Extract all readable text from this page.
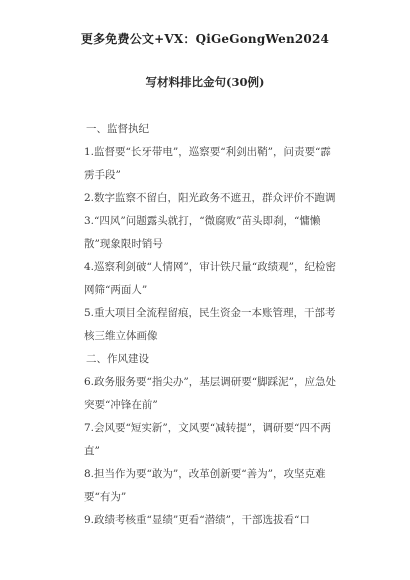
更多免费公文+VX：QiGeGongWen2024
写材料排比金句(30例)

一、监督执纪

1.监督要“长牙带电”，巡察要“利剑出鞘”，问责要“霹雳手段”

2.数字监察不留白，阳光政务不遮丑，群众评价不跑调

3.“四风”问题露头就打，“微腐败”苗头即刹，“慵懒散”现象限时销号

4.巡察利剑破“人情网”，审计铁尺量“政绩观”，纪检密网筛“两面人”

5.重大项目全流程留痕，民生资金一本账管理，干部考核三维立体画像

二、作风建设

6.政务服务要“指尖办”，基层调研要“脚踩泥”，应急处突要“冲锋在前”

7.会风要“短实新”，文风要“减转提”，调研要“四不两直”

8.担当作为要“敢为”，改革创新要“善为”，攻坚克难要“有为”

9.政绩考核重“显绩”更看“潜绩”，干部选拔看“口
